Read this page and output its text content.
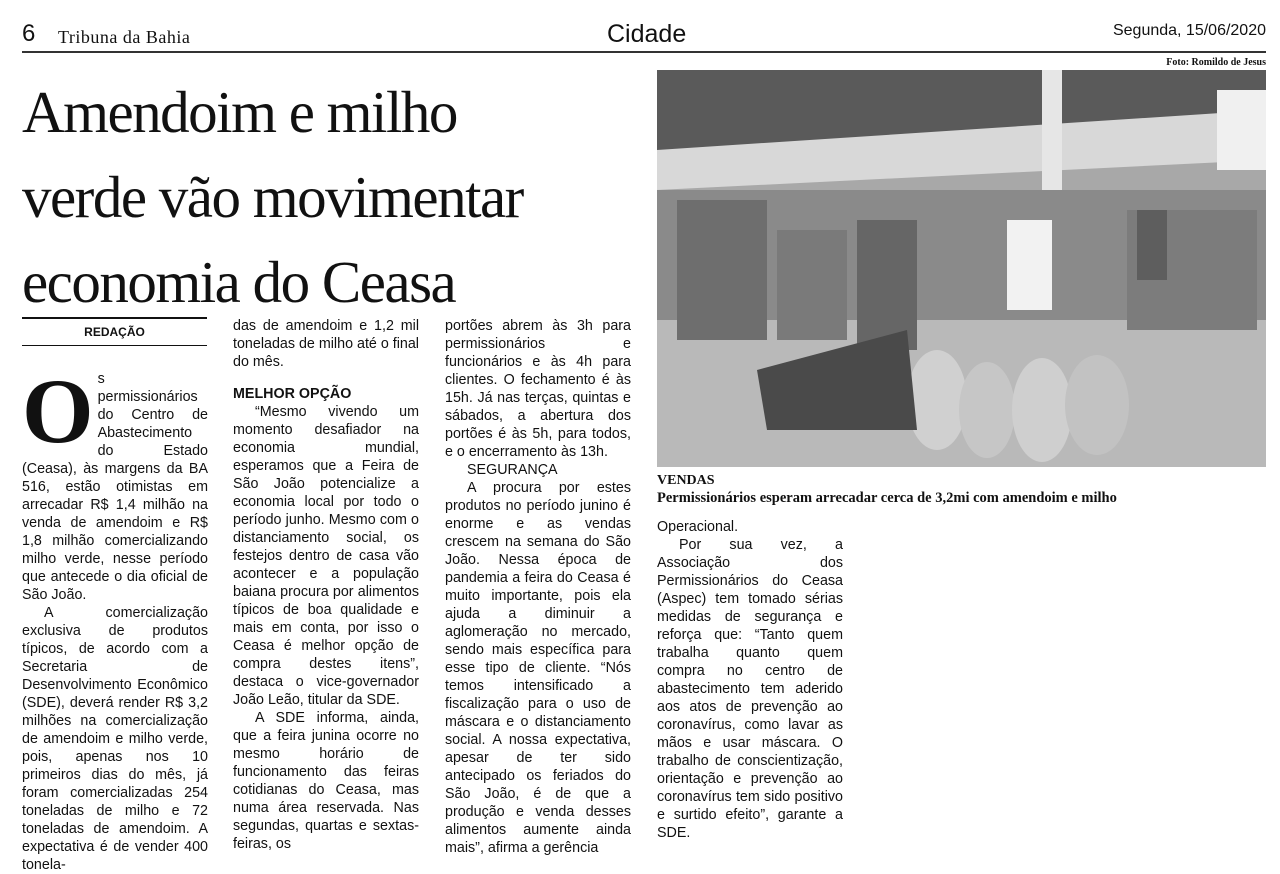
6 Tribuna da Bahia	Cidade	Segunda, 15/06/2020
Amendoim e milho
verde vão movimentar
economia do Ceasa
REDAÇÃO
O s permissionários do Centro de Abastecimento do Estado (Ceasa), às margens da BA 516, estão otimistas em arrecadar R$ 1,4 milhão na venda de amendoim e R$ 1,8 milhão comercializando milho verde, nesse período que antecede o dia oficial de São João.

A comercialização exclusiva de produtos típicos, de acordo com a Secretaria de Desenvolvimento Econômico (SDE), deverá render R$ 3,2 milhões na comercialização de amendoim e milho verde, pois, apenas nos 10 primeiros dias do mês, já foram comercializadas 254 toneladas de milho e 72 toneladas de amendoim. A expectativa é de vender 400 tonela-

das de amendoim e 1,2 mil toneladas de milho até o final do mês.

MELHOR OPÇÃO

“Mesmo vivendo um momento desafiador na economia mundial, esperamos que a Feira de São João potencialize a economia local por todo o período junho. Mesmo com o distanciamento social, os festejos dentro de casa vão acontecer e a população baiana procura por alimentos típicos de boa qualidade e mais em conta, por isso o Ceasa é melhor opção de compra destes itens”, destaca o vice-governador João Leão, titular da SDE.

A SDE informa, ainda, que a feira junina ocorre no mesmo horário de funcionamento das feiras cotidianas do Ceasa, mas numa área reservada. Nas segundas, quartas e sextas-feiras, os

portões abrem às 3h para permissionários e funcionários e às 4h para clientes. O fechamento é às 15h. Já nas terças, quintas e sábados, a abertura dos portões é às 5h, para todos, e o encerramento às 13h.

SEGURANÇA

A procura por estes produtos no período junino é enorme e as vendas crescem na semana do São João. Nessa época de pandemia a feira do Ceasa é muito importante, pois ela ajuda a diminuir a aglomeração no mercado, sendo mais específica para esse tipo de cliente. “Nós temos intensificado a fiscalização para o uso de máscara e o distanciamento social. A nossa expectativa, apesar de ter sido antecipado os feriados do São João, é de que a produção e venda desses alimentos aumente ainda mais”, afirma a gerência

Foto: Romildo de Jesus
VENDAS
Permissionários esperam arrecadar cerca de 3,2mi com amendoim e milho

Operacional.

Por sua vez, a Associação dos Permissionários do Ceasa (Aspec) tem tomado sérias medidas de segurança e reforça que: “Tanto quem trabalha quanto quem compra no centro de abastecimento tem aderido aos atos de prevenção ao coronavírus, como lavar as mãos e usar máscara. O trabalho de conscientização, orientação e prevenção ao coronavírus tem sido positivo e surtido efeito”, garante a SDE.
